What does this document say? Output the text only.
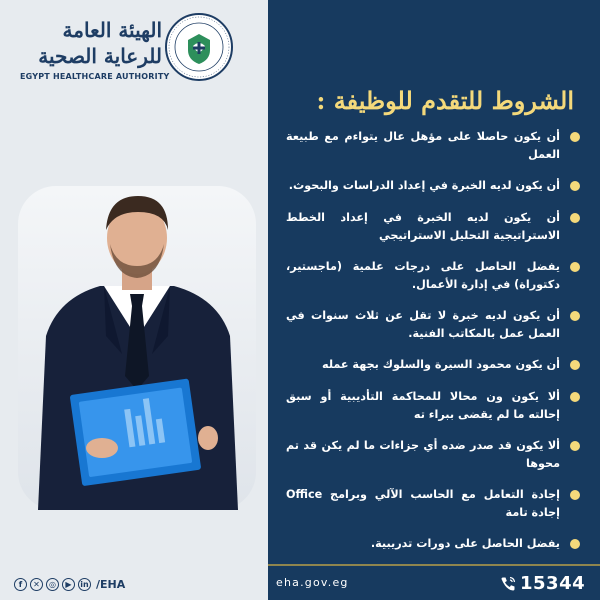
الهيئة العامة
للرعاية الصحية
EGYPT HEALTHCARE AUTHORITY
الشروط للتقدم للوظيفة :
أن يكون حاصلا على مؤهل عال يتواءم مع طبيعة العمل
أن يكون لديه الخبرة في إعداد الدراسات والبحوث.
أن يكون لديه الخبرة في إعداد الخطط الاستراتيجية التحليل الاستراتيجي
يفضل الحاصل على درجات علمية (ماجستير، دكتوراة) في إدارة الأعمال.
أن يكون لديه خبرة لا تقل عن ثلاث سنوات في العمل عمل بالمكاتب الفنية.
أن يكون محمود السيرة والسلوك بجهة عمله
ألا يكون ون محالا للمحاكمة التأديبية أو سبق إحالته ما لم يقضى ببراء ته
ألا يكون قد صدر ضده أي جزاءات ما لم يكن قد تم محوها
إجادة التعامل مع الحاسب الآلي وبرامج Office إجادة تامة
يفضل الحاصل على دورات تدريبية.
f	✕	◎	▶	in /EHA	eha.gov.eg	15344
